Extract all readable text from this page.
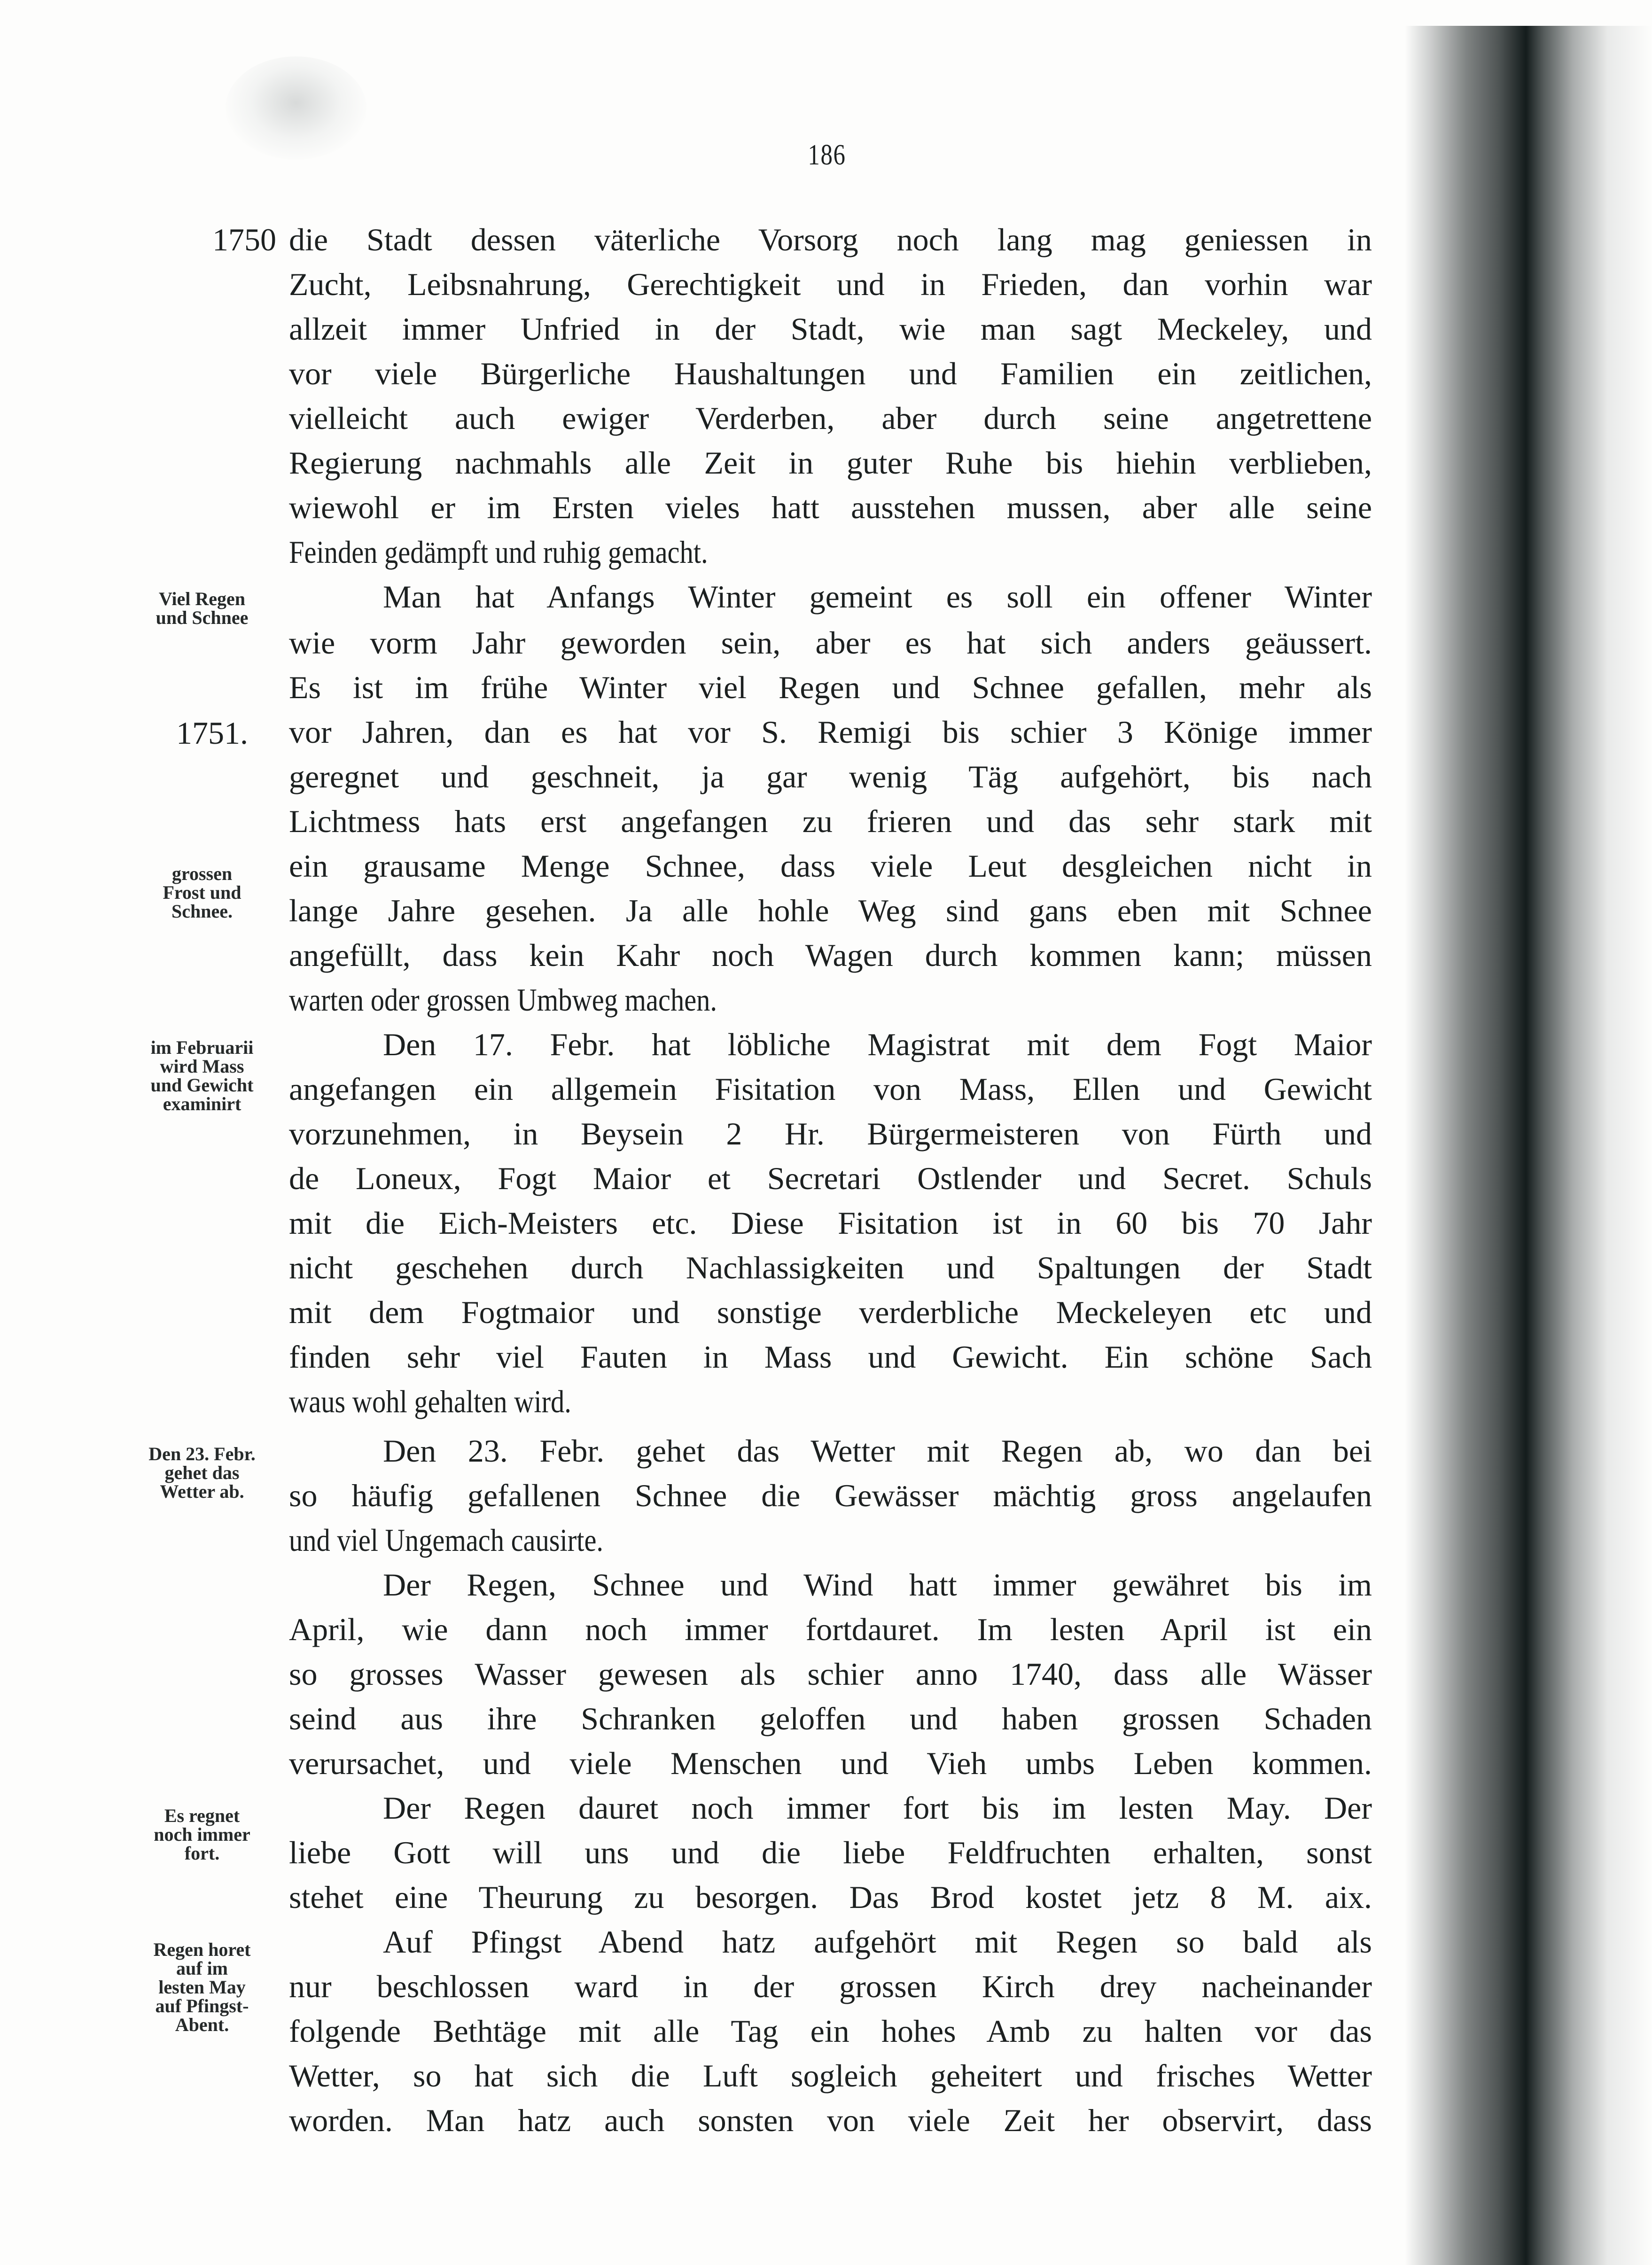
186
1750
1751.
Viel Regen
und Schnee
grossen
Frost und
Schnee.
im Februarii
wird Mass
und Gewicht
examinirt
Den 23. Febr.
gehet das
Wetter ab.
Es regnet
noch immer
fort.
Regen horet
auf im
lesten May
auf Pfingst-
Abent.
die Stadt dessen väterliche Vorsorg noch lang mag geniessen in
Zucht, Leibsnahrung, Gerechtigkeit und in Frieden, dan vorhin war
allzeit immer Unfried in der Stadt, wie man sagt Meckeley, und
vor viele Bürgerliche Haushaltungen und Familien ein zeitlichen,
vielleicht auch ewiger Verderben, aber durch seine angetrettene
Regierung nachmahls alle Zeit in guter Ruhe bis hiehin verblieben,
wiewohl er im Ersten vieles hatt ausstehen mussen, aber alle seine
Feinden gedämpft und ruhig gemacht.
Man hat Anfangs Winter gemeint es soll ein offener Winter
wie vorm Jahr geworden sein, aber es hat sich anders geäussert.
Es ist im frühe Winter viel Regen und Schnee gefallen, mehr als
vor Jahren, dan es hat vor S. Remigi bis schier 3 Könige immer
geregnet und geschneit, ja gar wenig Täg aufgehört, bis nach
Lichtmess hats erst angefangen zu frieren und das sehr stark mit
ein grausame Menge Schnee, dass viele Leut desgleichen nicht in
lange Jahre gesehen. Ja alle hohle Weg sind gans eben mit Schnee
angefüllt, dass kein Kahr noch Wagen durch kommen kann; müssen
warten oder grossen Umbweg machen.
Den 17. Febr. hat löbliche Magistrat mit dem Fogt Maior
angefangen ein allgemein Fisitation von Mass, Ellen und Gewicht
vorzunehmen, in Beysein 2 Hr. Bürgermeisteren von Fürth und
de Loneux, Fogt Maior et Secretari Ostlender und Secret. Schuls
mit die Eich-Meisters etc. Diese Fisitation ist in 60 bis 70 Jahr
nicht geschehen durch Nachlassigkeiten und Spaltungen der Stadt
mit dem Fogtmaior und sonstige verderbliche Meckeleyen etc und
finden sehr viel Fauten in Mass und Gewicht. Ein schöne Sach
waus wohl gehalten wird.
Den 23. Febr. gehet das Wetter mit Regen ab, wo dan bei
so häufig gefallenen Schnee die Gewässer mächtig gross angelaufen
und viel Ungemach causirte.
Der Regen, Schnee und Wind hatt immer gewähret bis im
April, wie dann noch immer fortdauret. Im lesten April ist ein
so grosses Wasser gewesen als schier anno 1740, dass alle Wässer
seind aus ihre Schranken geloffen und haben grossen Schaden
verursachet, und viele Menschen und Vieh umbs Leben kommen.
Der Regen dauret noch immer fort bis im lesten May. Der
liebe Gott will uns und die liebe Feldfruchten erhalten, sonst
stehet eine Theurung zu besorgen. Das Brod kostet jetz 8 M. aix.
Auf Pfingst Abend hatz aufgehört mit Regen so bald als
nur beschlossen ward in der grossen Kirch drey nacheinander
folgende Bethtäge mit alle Tag ein hohes Amb zu halten vor das
Wetter, so hat sich die Luft sogleich geheitert und frisches Wetter
worden. Man hatz auch sonsten von viele Zeit her observirt, dass
